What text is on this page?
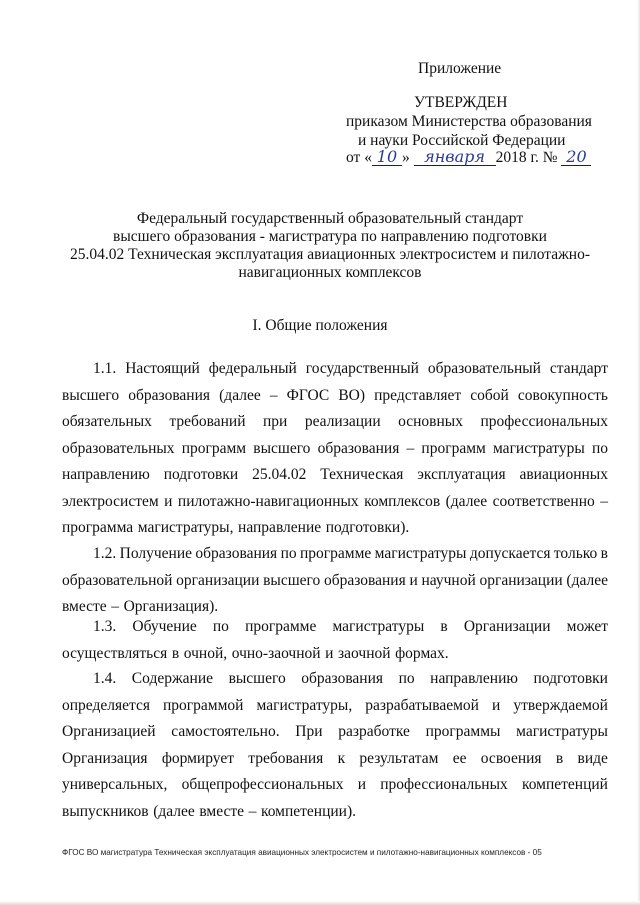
Приложение
УТВЕРЖДЕН
приказом Министерства образования
и науки Российской Федерации
от « 10 » января 2018 г. № 20
Федеральный государственный образовательный стандарт
высшего образования - магистратура по направлению подготовки
25.04.02 Техническая эксплуатация авиационных электросистем и пилотажно-
навигационных комплексов
I. Общие положения
1.1. Настоящий федеральный государственный образовательный стандарт
высшего образования (далее – ФГОС ВО) представляет собой совокупность
обязательных требований при реализации основных профессиональных
образовательных программ высшего образования – программ магистратуры по
направлению подготовки 25.04.02 Техническая эксплуатация авиационных
электросистем и пилотажно-навигационных комплексов (далее соответственно –
программа магистратуры, направление подготовки).
1.2. Получение образования по программе магистратуры допускается только в
образовательной организации высшего образования и научной организации (далее
вместе – Организация).
1.3. Обучение по программе магистратуры в Организации может
осуществляться в очной, очно-заочной и заочной формах.
1.4. Содержание высшего образования по направлению подготовки
определяется программой магистратуры, разрабатываемой и утверждаемой
Организацией самостоятельно. При разработке программы магистратуры
Организация формирует требования к результатам ее освоения в виде
универсальных, общепрофессиональных и профессиональных компетенций
выпускников (далее вместе – компетенции).
ФГОС ВО магистратура Техническая эксплуатация авиационных электросистем и пилотажно-навигационных комплексов - 05
